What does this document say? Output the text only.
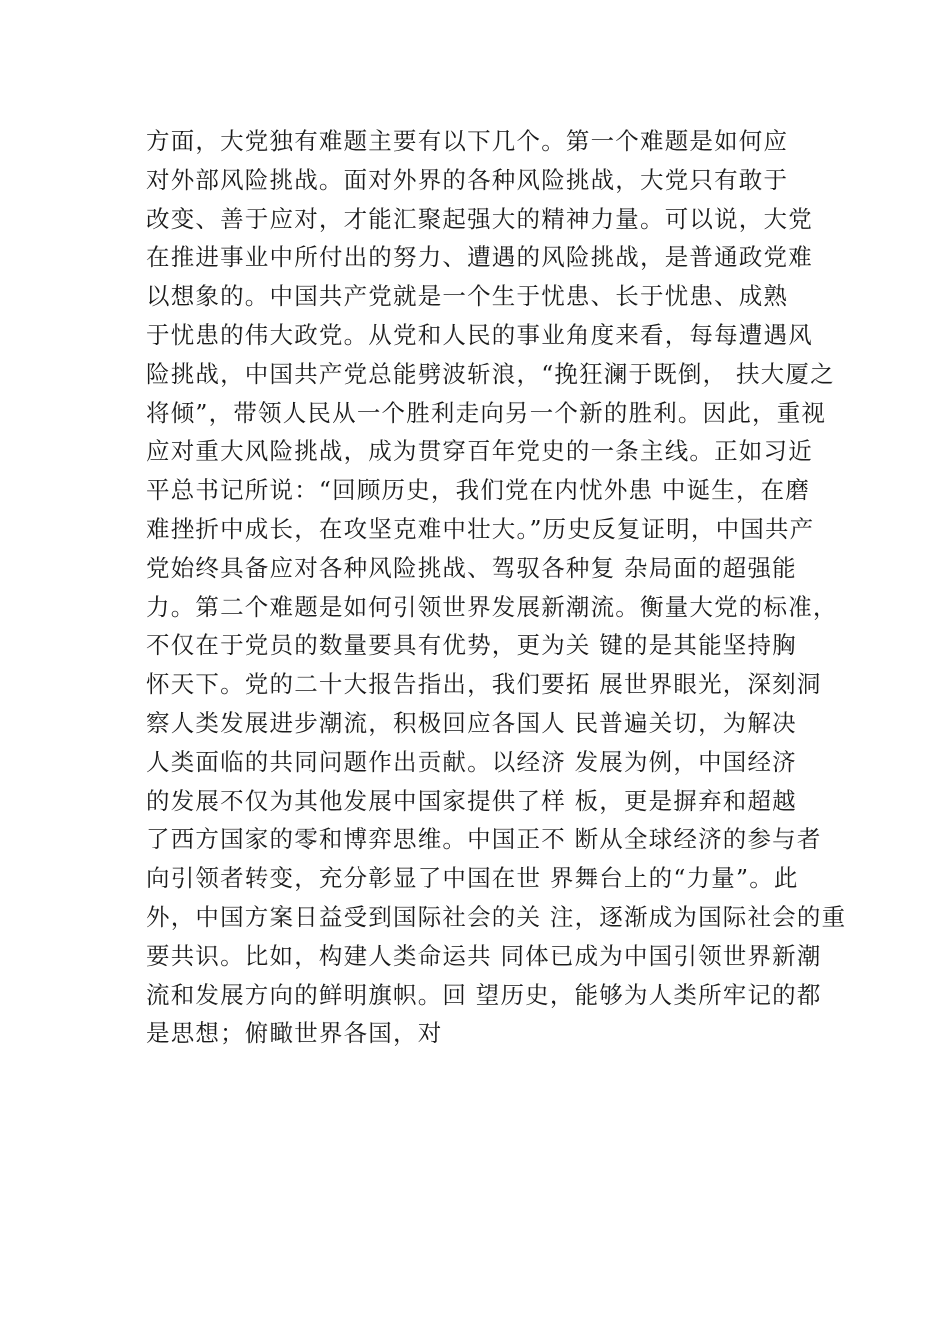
方面，大党独有难题主要有以下几个。第一个难题是如何应
对外部风险挑战。面对外界的各种风险挑战，大党只有敢于
改变、善于应对，才能汇聚起强大的精神力量。可以说，大党
在推进事业中所付出的努力、遭遇的风险挑战，是普通政党难
以想象的。中国共产党就是一个生于忧患、长于忧患、成熟
于忧患的伟大政党。从党和人民的事业角度来看，每每遭遇风
险挑战，中国共产党总能劈波斩浪，“挽狂澜于既倒， 扶大厦之
将倾”，带领人民从一个胜利走向另一个新的胜利。因此，重视
应对重大风险挑战，成为贯穿百年党史的一条主线。正如习近
平总书记所说：“回顾历史，我们党在内忧外患 中诞生，在磨
难挫折中成长，在攻坚克难中壮大。”历史反复证明，中国共产
党始终具备应对各种风险挑战、驾驭各种复 杂局面的超强能
力。第二个难题是如何引领世界发展新潮流。衡量大党的标准，
不仅在于党员的数量要具有优势，更为关 键的是其能坚持胸
怀天下。党的二十大报告指出，我们要拓 展世界眼光，深刻洞
察人类发展进步潮流，积极回应各国人 民普遍关切，为解决
人类面临的共同问题作出贡献。以经济 发展为例，中国经济
的发展不仅为其他发展中国家提供了样 板，更是摒弃和超越
了西方国家的零和博弈思维。中国正不 断从全球经济的参与者
向引领者转变，充分彰显了中国在世 界舞台上的“力量”。此
外，中国方案日益受到国际社会的关 注，逐渐成为国际社会的重
要共识。比如，构建人类命运共 同体已成为中国引领世界新潮
流和发展方向的鲜明旗帜。回 望历史，能够为人类所牢记的都
是思想；俯瞰世界各国，对
